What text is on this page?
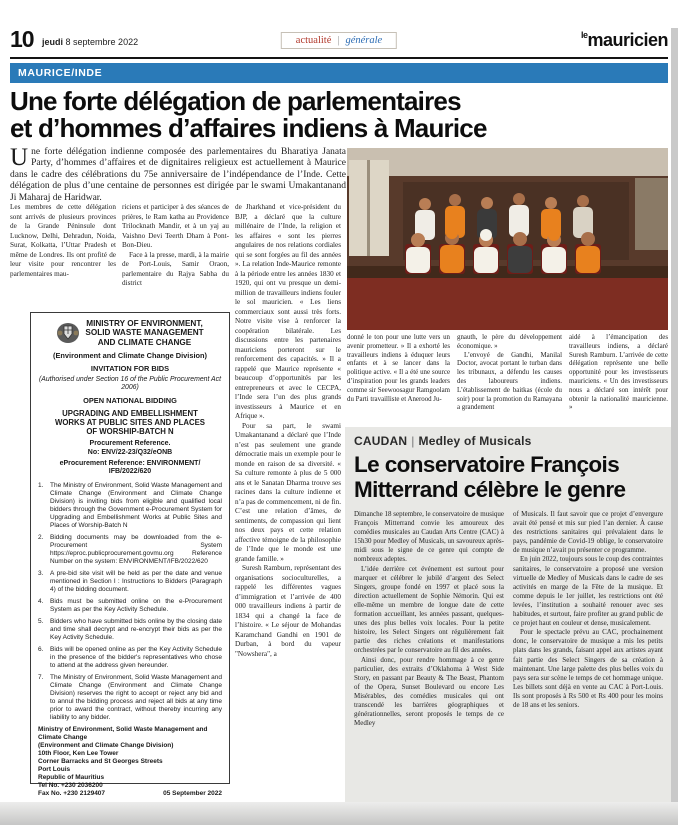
10 jeudi 8 septembre 2022	actualité | générale	$^{le}$mauricien
MAURICE/INDE
Une forte délégation de parlementaires
et d’hommes d’affaires indiens à Maurice
Une forte délégation indienne composée des parlementaires du Bharatiya Janata Party, d’hommes d’affaires et de dignitaires religieux est actuellement à Maurice dans le cadre des célébrations du 75e anniversaire de l’indépendance de l’Inde. Cette délégation de plus d’une centaine de personnes est dirigée par le swami Umakantanand Ji Maharaj de Haridwar.

Les membres de cette délégation sont arrivés de plusieurs provinces de la Grande Péninsule dont Lucknow, Delhi, Dehradun, Noida, Surat, Kolkatta, l’Uttar Pradesh et même de Londres. Ils ont profité de leur visite pour rencontrer les parlementaires mau-

riciens et participer à des séances de prières, le Ram katha au Providence Trilocknath Mandir, et à un yaj au Vaishno Devi Teerth Dham à Pont-Bon-Dieu.

Face à la presse, mardi, à la mairie de Port-Louis, Samir Oraon, parlementaire du Rajya Sabha du district

de Jharkhand et vice-président du BJP, a déclaré que la culture millénaire de l’Inde, la religion et les affaires « sont les pierres angulaires de nos relations cordiales qui se sont forgées au fil des années ». La relation Inde-Maurice remonte à la période entre les années 1830 et 1920, qui ont vu presque un demi-million de travailleurs indiens fouler le sol mauricien. « Les liens commerciaux sont aussi très forts. Notre visite vise à renforcer la coopération bilatérale. Les discussions entre les partenaires mauriciens porteront sur le renforcement des capacités. » Il a rappelé que Maurice représente « beaucoup d’opportunités par les entrepreneurs et avec le CECPA, l’Inde sera l’un des plus grands investisseurs à Maurice et en Afrique ».

Pour sa part, le swami Umakantanand a déclaré que l’Inde n’est pas seulement une grande démocratie mais un exemple pour le monde en raison de sa diversité. « Sa culture remonte à plus de 5 000 ans et le Sanatan Dharma trouve ses racines dans la culture indienne et n’a pas de commencement, ni de fin. C’est une relation d’âmes, de sentiments, de compassion qui lient nos deux pays et cette relation affective témoigne de la philosophie de l’Inde que le monde est une grande famille. »

Suresh Ramburn, représentant des organisations socioculturelles, a rappelé les différentes vagues d’immigration et l’arrivée de 400 000 travailleurs indiens à partir de 1834 qui a changé la face de l’histoire. « Le séjour de Mohandas Karamchand Gandhi en 1901 de Durban, à bord du vapeur "Nowshera", a

donné le ton pour une lutte vers un avenir prometteur. » Il a exhorté les travailleurs indiens à éduquer leurs enfants et à se lancer dans la politique active. « Il a été une source d’inspiration pour les grands leaders comme sir Seewoosagur Ramgoolam du Parti travailliste et Anerood Ju-

gnauth, le père du développement économique. »

L’envoyé de Gandhi, Manilal Doctor, avocat portant le turban dans les tribunaux, a défendu les causes des laboureurs indiens. L’établissement de baitkas (école du soir) pour la promotion du Ramayana a grandement

aidé à l’émancipation des travailleurs indiens, a déclaré Suresh Ramburn. L’arrivée de cette délégation représente une belle opportunité pour les investisseurs mauriciens. « Un des investisseurs nous a déclaré son intérêt pour obtenir la nationalité mauricienne. »

MINISTRY OF ENVIRONMENT,
SOLID WASTE MANAGEMENT
AND CLIMATE CHANGE
(Environment and Climate Change Division)
INVITATION FOR BIDS
(Authorised under Section 16 of the Public Procurement Act 2006)
OPEN NATIONAL BIDDING
UPGRADING AND EMBELLISHMENT WORKS AT PUBLIC SITES AND PLACES OF WORSHIP-BATCH N
Procurement Reference.
No: ENV/22-23/Q32/eONB
eProcurement Reference: ENVIRONMENT/ IFB/2022/620
1.	The Ministry of Environment, Solid Waste Management and Climate Change (Environment and Climate Change Division) is inviting bids from eligible and qualified local bidders through the Government e-Procurement System for Upgrading and Embellishment Works at Public Sites and Places of Worship-Batch N
2.	Bidding documents may be downloaded from the e-Procurement System https://eproc.publicprocurement.govmu.org Reference Number on the system: ENVIRONMENT/IFB/2022/620
3.	A pre-bid site visit will be held as per the date and venue mentioned in Section I : Instructions to Bidders (Paragraph 4) of the bidding document.
4.	Bids must be submitted online on the e-Procurement System as per the Key Activity Schedule.
5.	Bidders who have submitted bids online by the closing date and time shall decrypt and re-encrypt their bids as per the Key Activity Schedule.
6.	Bids will be opened online as per the Key Activity Schedule in the presence of the bidder's representatives who chose to attend at the address given hereunder.
7.	The Ministry of Environment, Solid Waste Management and Climate Change (Environment and Climate Change Division) reserves the right to accept or reject any bid and to annul the bidding process and reject all bids at any time prior to award the contract, without thereby incurring any liability to any bidder.
Ministry of Environment, Solid Waste Management and
Climate Change
(Environment and Climate Change Division)
10th Floor, Ken Lee Tower
Corner Barracks and St Georges Streets
Port Louis
Republic of Mauritius
Tel No. +230 2036200
Fax No. +230 2129407	05 September 2022
CAUDAN | Medley of Musicals
Le conservatoire François
Mitterrand célèbre le genre

Dimanche 18 septembre, le conservatoire de musique François Mitterrand convie les amoureux des comédies musicales au Caudan Arts Centre (CAC) à 15h30 pour Medley of Musicals, un savoureux après-midi sous le signe de ce genre qui compte de nombreux adeptes.

L’idée derrière cet événement est surtout pour marquer et célébrer le jubilé d’argent des Select Singers, groupe fondé en 1997 et placé sous la direction actuellement de Sophie Némorin. Qui est elle-même un membre de longue date de cette formation accueillant, les années passant, quelques-unes des plus belles voix locales. Pour la petite histoire, les Select Singers ont régulièrement fait partie des riches créations et manifestations orchestrées par le conservatoire au fil des années.

Ainsi donc, pour rendre hommage à ce genre particulier, des extraits d’Oklahoma à West Side Story, en passant par Beauty & The Beast, Phantom of the Opera, Sunset Boulevard ou encore Les Misérables, des comédies musicales qui ont transcendé les barrières géographiques et générationnelles, seront proposés le temps de ce Medley

of Musicals. Il faut savoir que ce projet d’envergure avait été pensé et mis sur pied l’an dernier. À cause des restrictions sanitaires qui prévalaient dans le pays, pandémie de Covid-19 oblige, le conservatoire de musique n’avait pu présenter ce programme.

En juin 2022, toujours sous le coup des contraintes sanitaires, le conservatoire a proposé une version virtuelle de Medley of Musicals dans le cadre de ses activités en marge de la Fête de la musique. Et comme depuis le 1er juillet, les restrictions ont été levées, l’institution a souhaité renouer avec ses habitudes, et surtout, faire profiter au grand public de ce projet haut en couleur et dense, musicalement.

Pour le spectacle prévu au CAC, prochainement donc, le conservatoire de musique a mis les petits plats dans les grands, faisant appel aux artistes ayant fait partie des Select Singers de sa création à maintenant. Une large palette des plus belles voix du pays sera sur scène le temps de cet hommage unique. Les billets sont déjà en vente au CAC à Port-Louis. Ils sont proposés à Rs 500 et Rs 400 pour les moins de 18 ans et les seniors.
